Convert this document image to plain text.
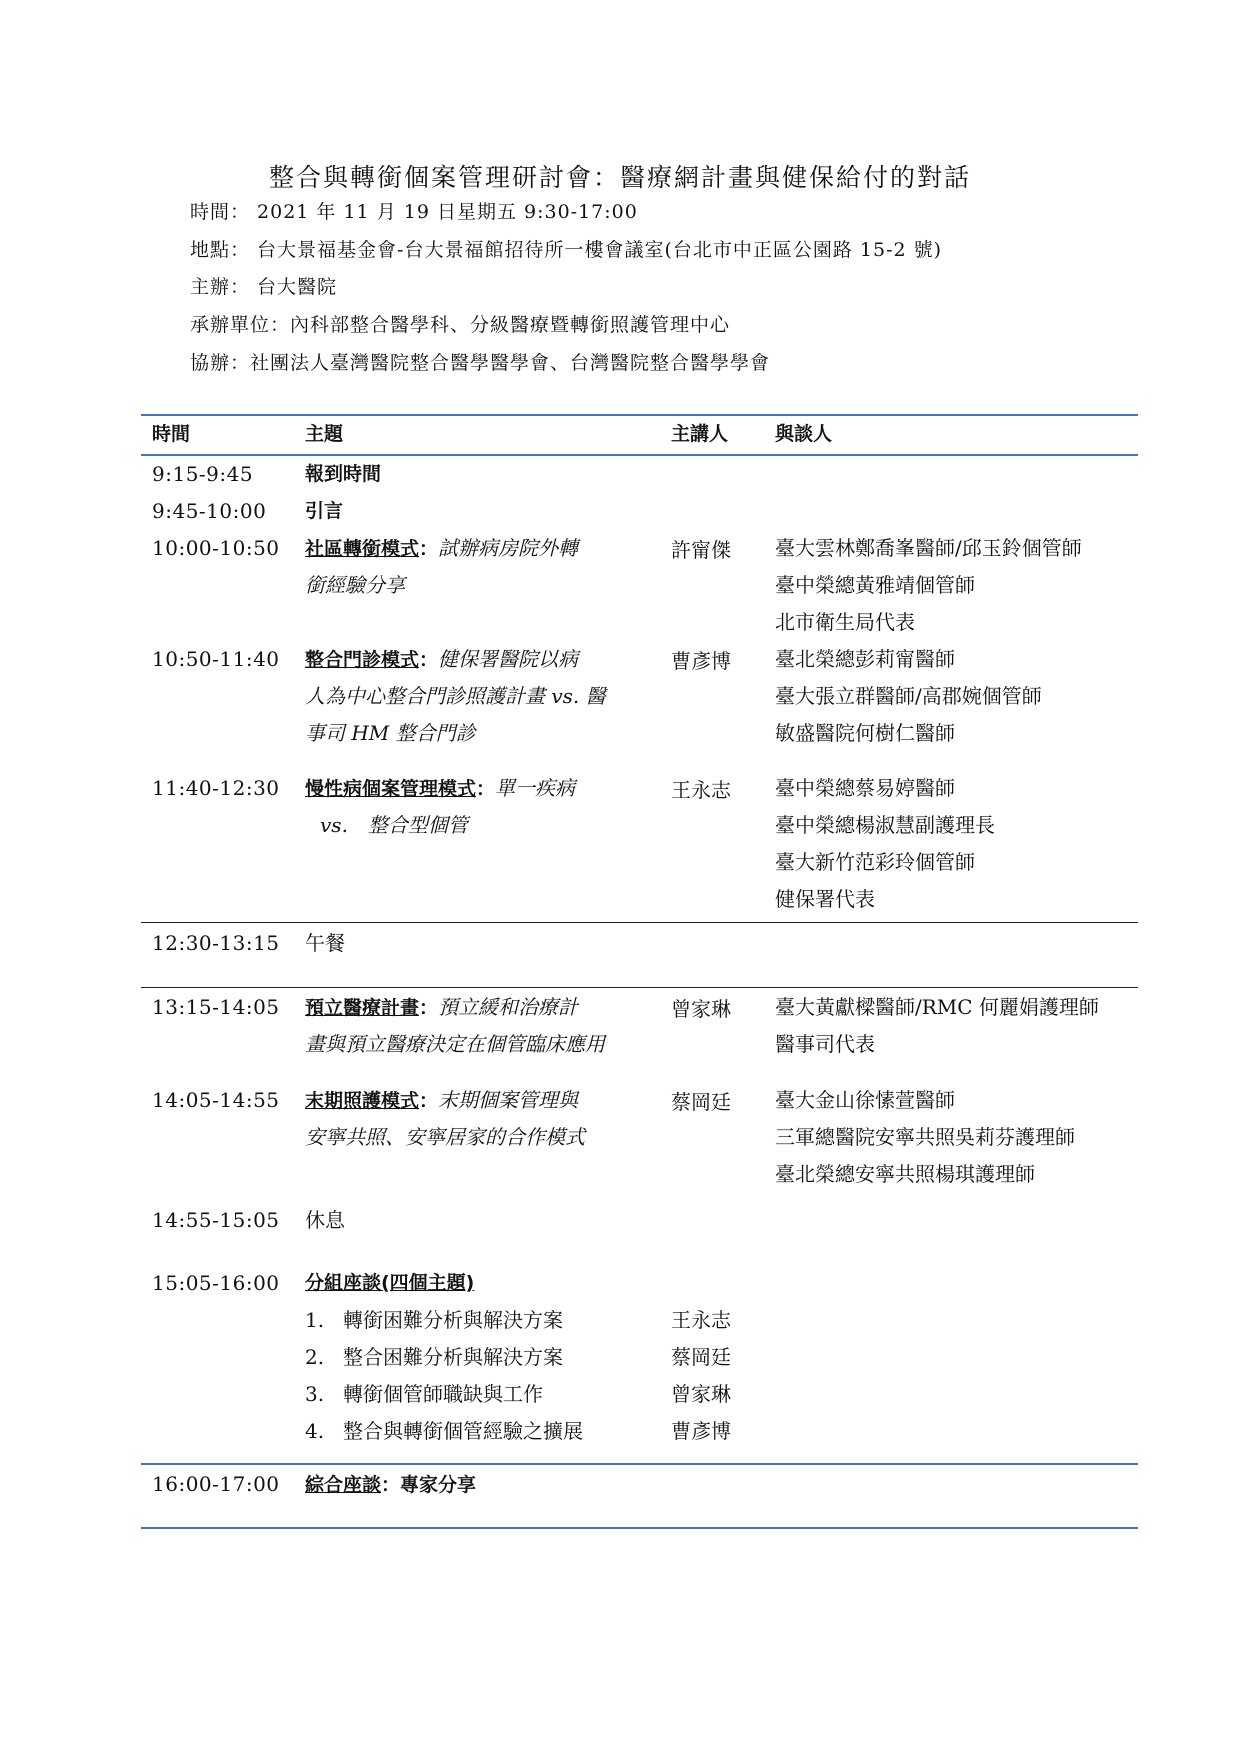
整合與轉銜個案管理研討會：醫療網計畫與健保給付的對話
時間： 2021 年 11 月 19 日星期五 9:30-17:00
地點： 台大景福基金會-台大景福館招待所一樓會議室(台北市中正區公園路 15-2 號)
主辦： 台大醫院
承辦單位：內科部整合醫學科、分級醫療暨轉銜照護管理中心
協辦：社團法人臺灣醫院整合醫學醫學會、台灣醫院整合醫學學會
時間	主題	主講人 與談人
9:15-9:45	報到時間
9:45-10:00 引言
10:00-10:50 社區轉銜模式：試辦病房院外轉
銜經驗分享
許甯傑 臺大雲林鄭喬峯醫師/邱玉鈴個管師
臺中榮總黃雅靖個管師
北市衛生局代表
10:50-11:40 整合門診模式：健保署醫院以病
人為中心整合門診照護計畫 vs. 醫
事司 HM 整合門診
曹彥博 臺北榮總彭莉甯醫師
臺大張立群醫師/高郡婉個管師
敏盛醫院何樹仁醫師
11:40-12:30 慢性病個案管理模式：單一疾病
vs.　整合型個管
王永志 臺中榮總蔡易婷醫師
臺中榮總楊淑慧副護理長
臺大新竹范彩玲個管師
健保署代表
12:30-13:15 午餐
13:15-14:05 預立醫療計畫：預立緩和治療計
畫與預立醫療決定在個管臨床應用
曾家琳 臺大黃獻樑醫師/RMC 何麗娟護理師
醫事司代表
14:05-14:55 末期照護模式：末期個案管理與
安寧共照、安寧居家的合作模式
蔡岡廷 臺大金山徐愫萱醫師
三軍總醫院安寧共照吳莉芬護理師
臺北榮總安寧共照楊琪護理師
14:55-15:05 休息
15:05-16:00 分組座談(四個主題)
1. 轉銜困難分析與解決方案	王永志
2. 整合困難分析與解決方案	蔡岡廷
3. 轉銜個管師職缺與工作	曾家琳
4. 整合與轉銜個管經驗之擴展	曹彥博
16:00-17:00 綜合座談：專家分享
